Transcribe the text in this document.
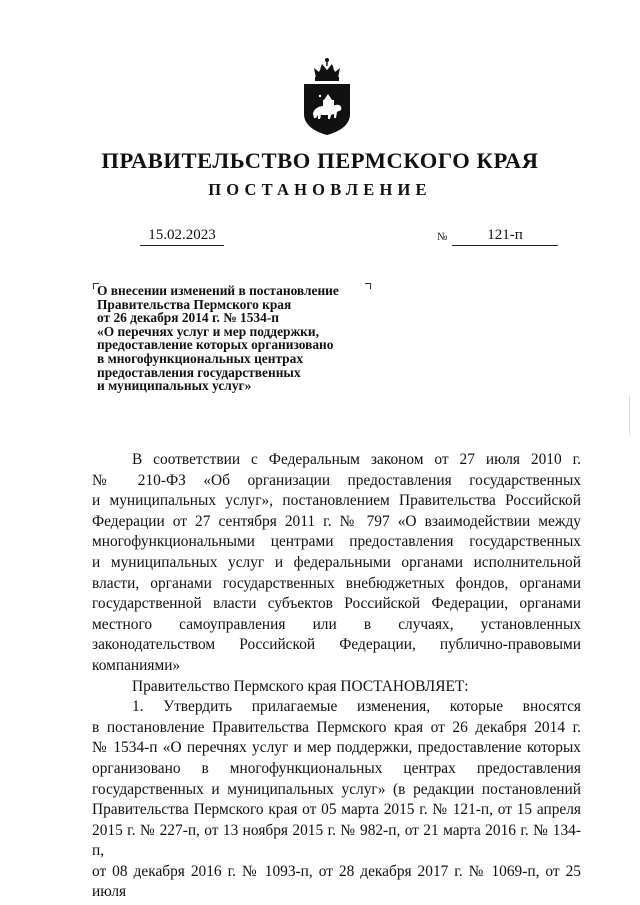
ПРАВИТЕЛЬСТВО ПЕРМСКОГО КРАЯ
ПОСТАНОВЛЕНИЕ
15.02.2023	№	121-п
О внесении изменений в постановление
Правительства Пермского края
от 26 декабря 2014 г. № 1534-п
«О перечнях услуг и мер поддержки,
предоставление которых организовано
в многофункциональных центрах
предоставления государственных
и муниципальных услуг»
В соответствии с Федеральным законом от 27 июля 2010 г.
№ 210-ФЗ «Об организации предоставления государственных
и муниципальных услуг», постановлением Правительства Российской
Федерации от 27 сентября 2011 г. № 797 «О взаимодействии между
многофункциональными центрами предоставления государственных
и муниципальных услуг и федеральными органами исполнительной
власти, органами государственных внебюджетных фондов, органами
государственной власти субъектов Российской Федерации, органами
местного самоуправления или в случаях, установленных
законодательством Российской Федерации, публично-правовыми
компаниями»
Правительство Пермского края ПОСТАНОВЛЯЕТ:
1. Утвердить прилагаемые изменения, которые вносятся
в постановление Правительства Пермского края от 26 декабря 2014 г.
№ 1534-п «О перечнях услуг и мер поддержки, предоставление которых
организовано в многофункциональных центрах предоставления
государственных и муниципальных услуг» (в редакции постановлений
Правительства Пермского края от 05 марта 2015 г. № 121-п, от 15 апреля
2015 г. № 227-п, от 13 ноября 2015 г. № 982-п, от 21 марта 2016 г. № 134-п,
от 08 декабря 2016 г. № 1093-п, от 28 декабря 2017 г. № 1069-п, от 25 июля
